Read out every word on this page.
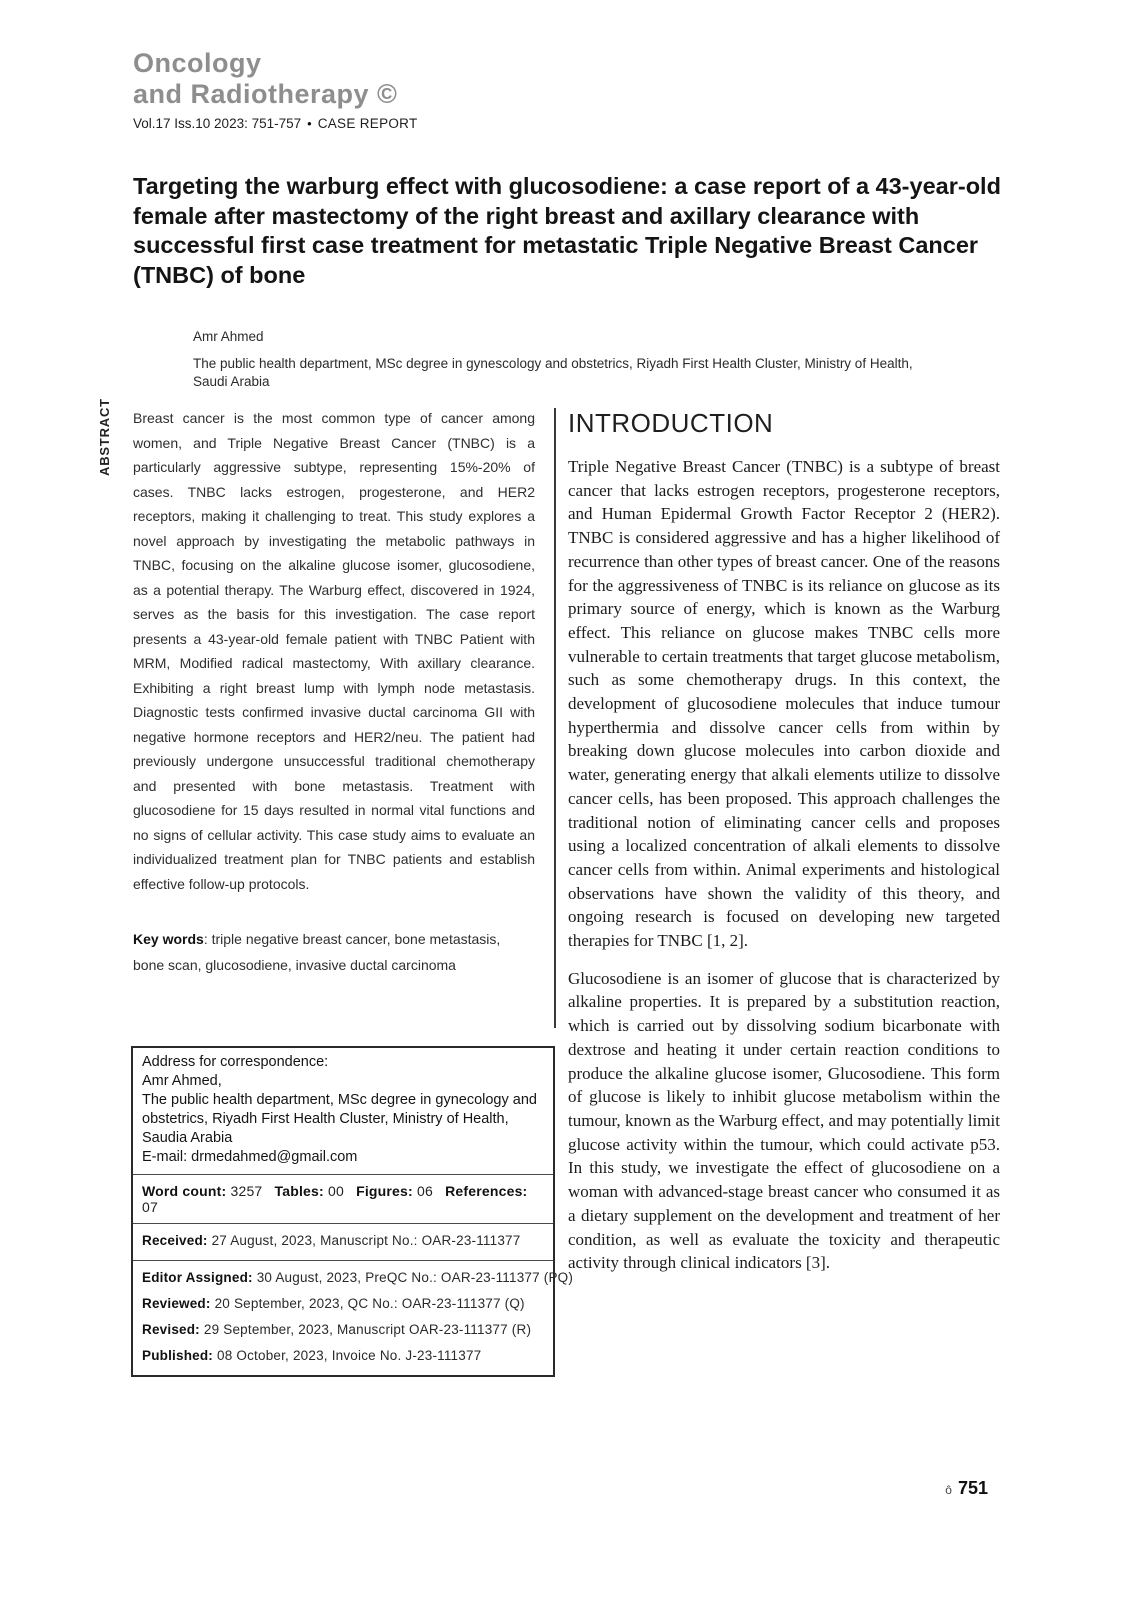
Oncology
and Radiotherapy ©
Vol.17 Iss.10 2023: 751-757 • CASE REPORT
Targeting the warburg effect with glucosodiene: a case report of a 43-year-old female after mastectomy of the right breast and axillary clearance with successful first case treatment for metastatic Triple Negative Breast Cancer (TNBC) of bone
Amr Ahmed
The public health department, MSc degree in gynescology and obstetrics, Riyadh First Health Cluster, Ministry of Health, Saudi Arabia
ABSTRACT Breast cancer is the most common type of cancer among women, and Triple Negative Breast Cancer (TNBC) is a particularly aggressive subtype, representing 15%-20% of cases. TNBC lacks estrogen, progesterone, and HER2 receptors, making it challenging to treat. This study explores a novel approach by investigating the metabolic pathways in TNBC, focusing on the alkaline glucose isomer, glucosodiene, as a potential therapy. The Warburg effect, discovered in 1924, serves as the basis for this investigation. The case report presents a 43-year-old female patient with TNBC Patient with MRM, Modified radical mastectomy, With axillary clearance. Exhibiting a right breast lump with lymph node metastasis. Diagnostic tests confirmed invasive ductal carcinoma GII with negative hormone receptors and HER2/neu. The patient had previously undergone unsuccessful traditional chemotherapy and presented with bone metastasis. Treatment with glucosodiene for 15 days resulted in normal vital functions and no signs of cellular activity. This case study aims to evaluate an individualized treatment plan for TNBC patients and establish effective follow-up protocols.

Key words: triple negative breast cancer, bone metastasis, bone scan, glucosodiene, invasive ductal carcinoma

INTRODUCTION

Triple Negative Breast Cancer (TNBC) is a subtype of breast cancer that lacks estrogen receptors, progesterone receptors, and Human Epidermal Growth Factor Receptor 2 (HER2). TNBC is considered aggressive and has a higher likelihood of recurrence than other types of breast cancer. One of the reasons for the aggressiveness of TNBC is its reliance on glucose as its primary source of energy, which is known as the Warburg effect. This reliance on glucose makes TNBC cells more vulnerable to certain treatments that target glucose metabolism, such as some chemotherapy drugs. In this context, the development of glucosodiene molecules that induce tumour hyperthermia and dissolve cancer cells from within by breaking down glucose molecules into carbon dioxide and water, generating energy that alkali elements utilize to dissolve cancer cells, has been proposed. This approach challenges the traditional notion of eliminating cancer cells and proposes using a localized concentration of alkali elements to dissolve cancer cells from within. Animal experiments and histological observations have shown the validity of this theory, and ongoing research is focused on developing new targeted therapies for TNBC [1, 2].

Glucosodiene is an isomer of glucose that is characterized by alkaline properties. It is prepared by a substitution reaction, which is carried out by dissolving sodium bicarbonate with dextrose and heating it under certain reaction conditions to produce the alkaline glucose isomer, Glucosodiene. This form of glucose is likely to inhibit glucose metabolism within the tumour, known as the Warburg effect, and may potentially limit glucose activity within the tumour, which could activate p53. In this study, we investigate the effect of glucosodiene on a woman with advanced-stage breast cancer who consumed it as a dietary supplement on the development and treatment of her condition, as well as evaluate the toxicity and therapeutic activity through clinical indicators [3].

Address for correspondence:
Amr Ahmed,
The public health department, MSc degree in gynecology and obstetrics, Riyadh First Health Cluster, Ministry of Health, Saudia Arabia
E-mail: drmedahmed@gmail.com
Word count: 3257 Tables: 00 Figures: 06 References: 07
Received: 27 August, 2023, Manuscript No.: OAR-23-111377
Editor Assigned: 30 August, 2023, PreQC No.: OAR-23-111377 (PQ)
Reviewed: 20 September, 2023, QC No.: OAR-23-111377 (Q)
Revised: 29 September, 2023, Manuscript OAR-23-111377 (R)
Published: 08 October, 2023, Invoice No. J-23-111377
ô 751
